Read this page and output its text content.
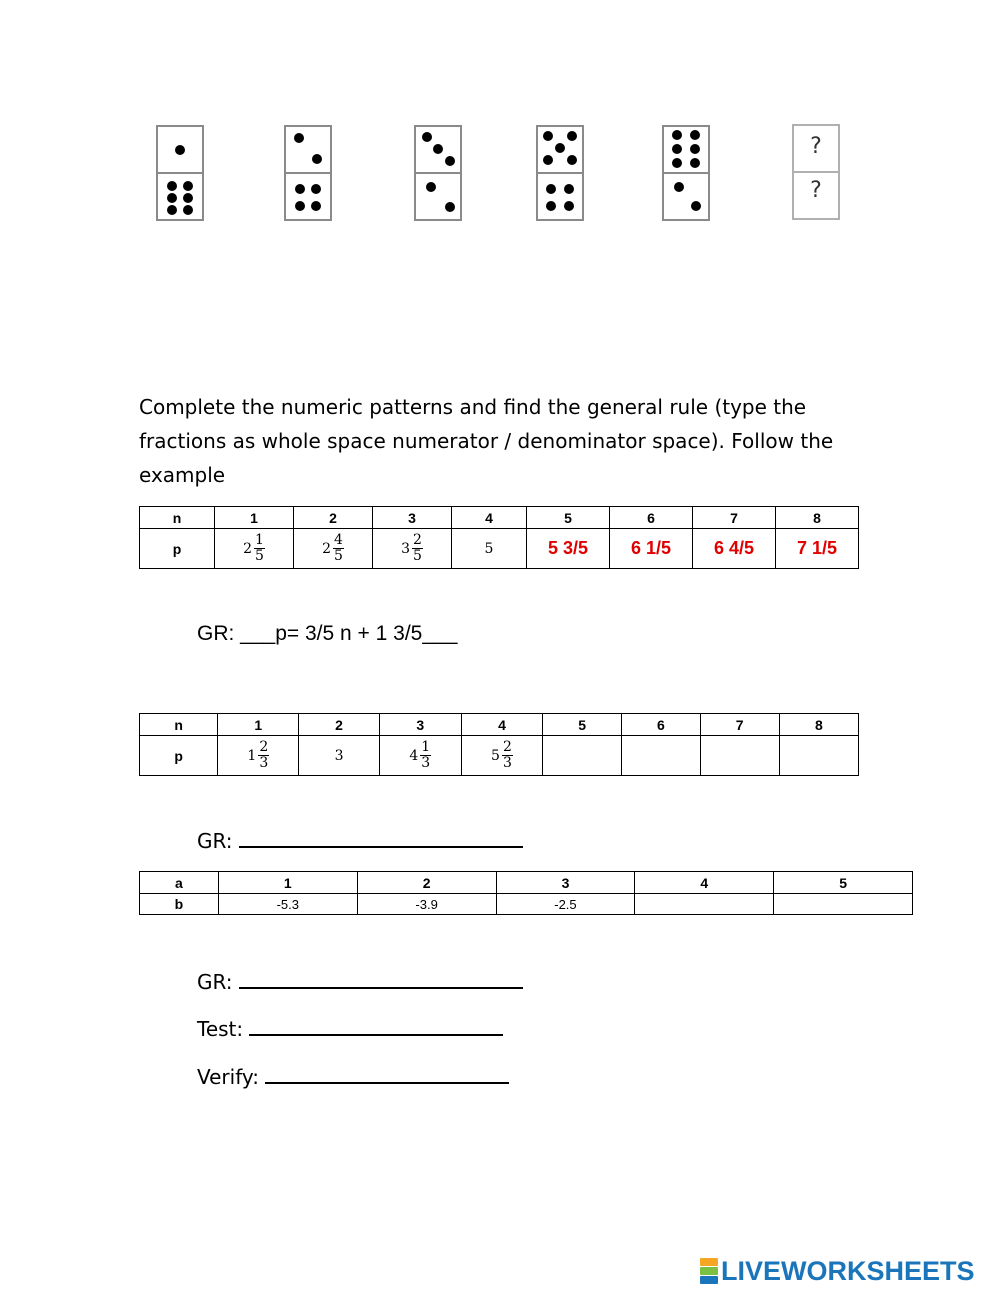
?
?
Complete the numeric patterns and find the general rule (type the fractions as whole space numerator / denominator space). Follow the example
n	1	2	3	4	5	6	7	8
p	$2 \frac{1}{5}$	$2 \frac{4}{5}$	$3 \frac{2}{5}$	5	5 3/5	6 1/5	6 4/5	7 1/5
GR: ___p= 3/5 n + 1 3/5___
n	1	2	3	4	5	6	7	8
p	$1 \frac{2}{3}$	3	$4 \frac{1}{3}$	$5 \frac{2}{3}$

GR:
a	1	2	3	4	5
b	-5.3	-3.9	-2.5		
GR:
Test:
Verify:
LIVEWORKSHEETS
